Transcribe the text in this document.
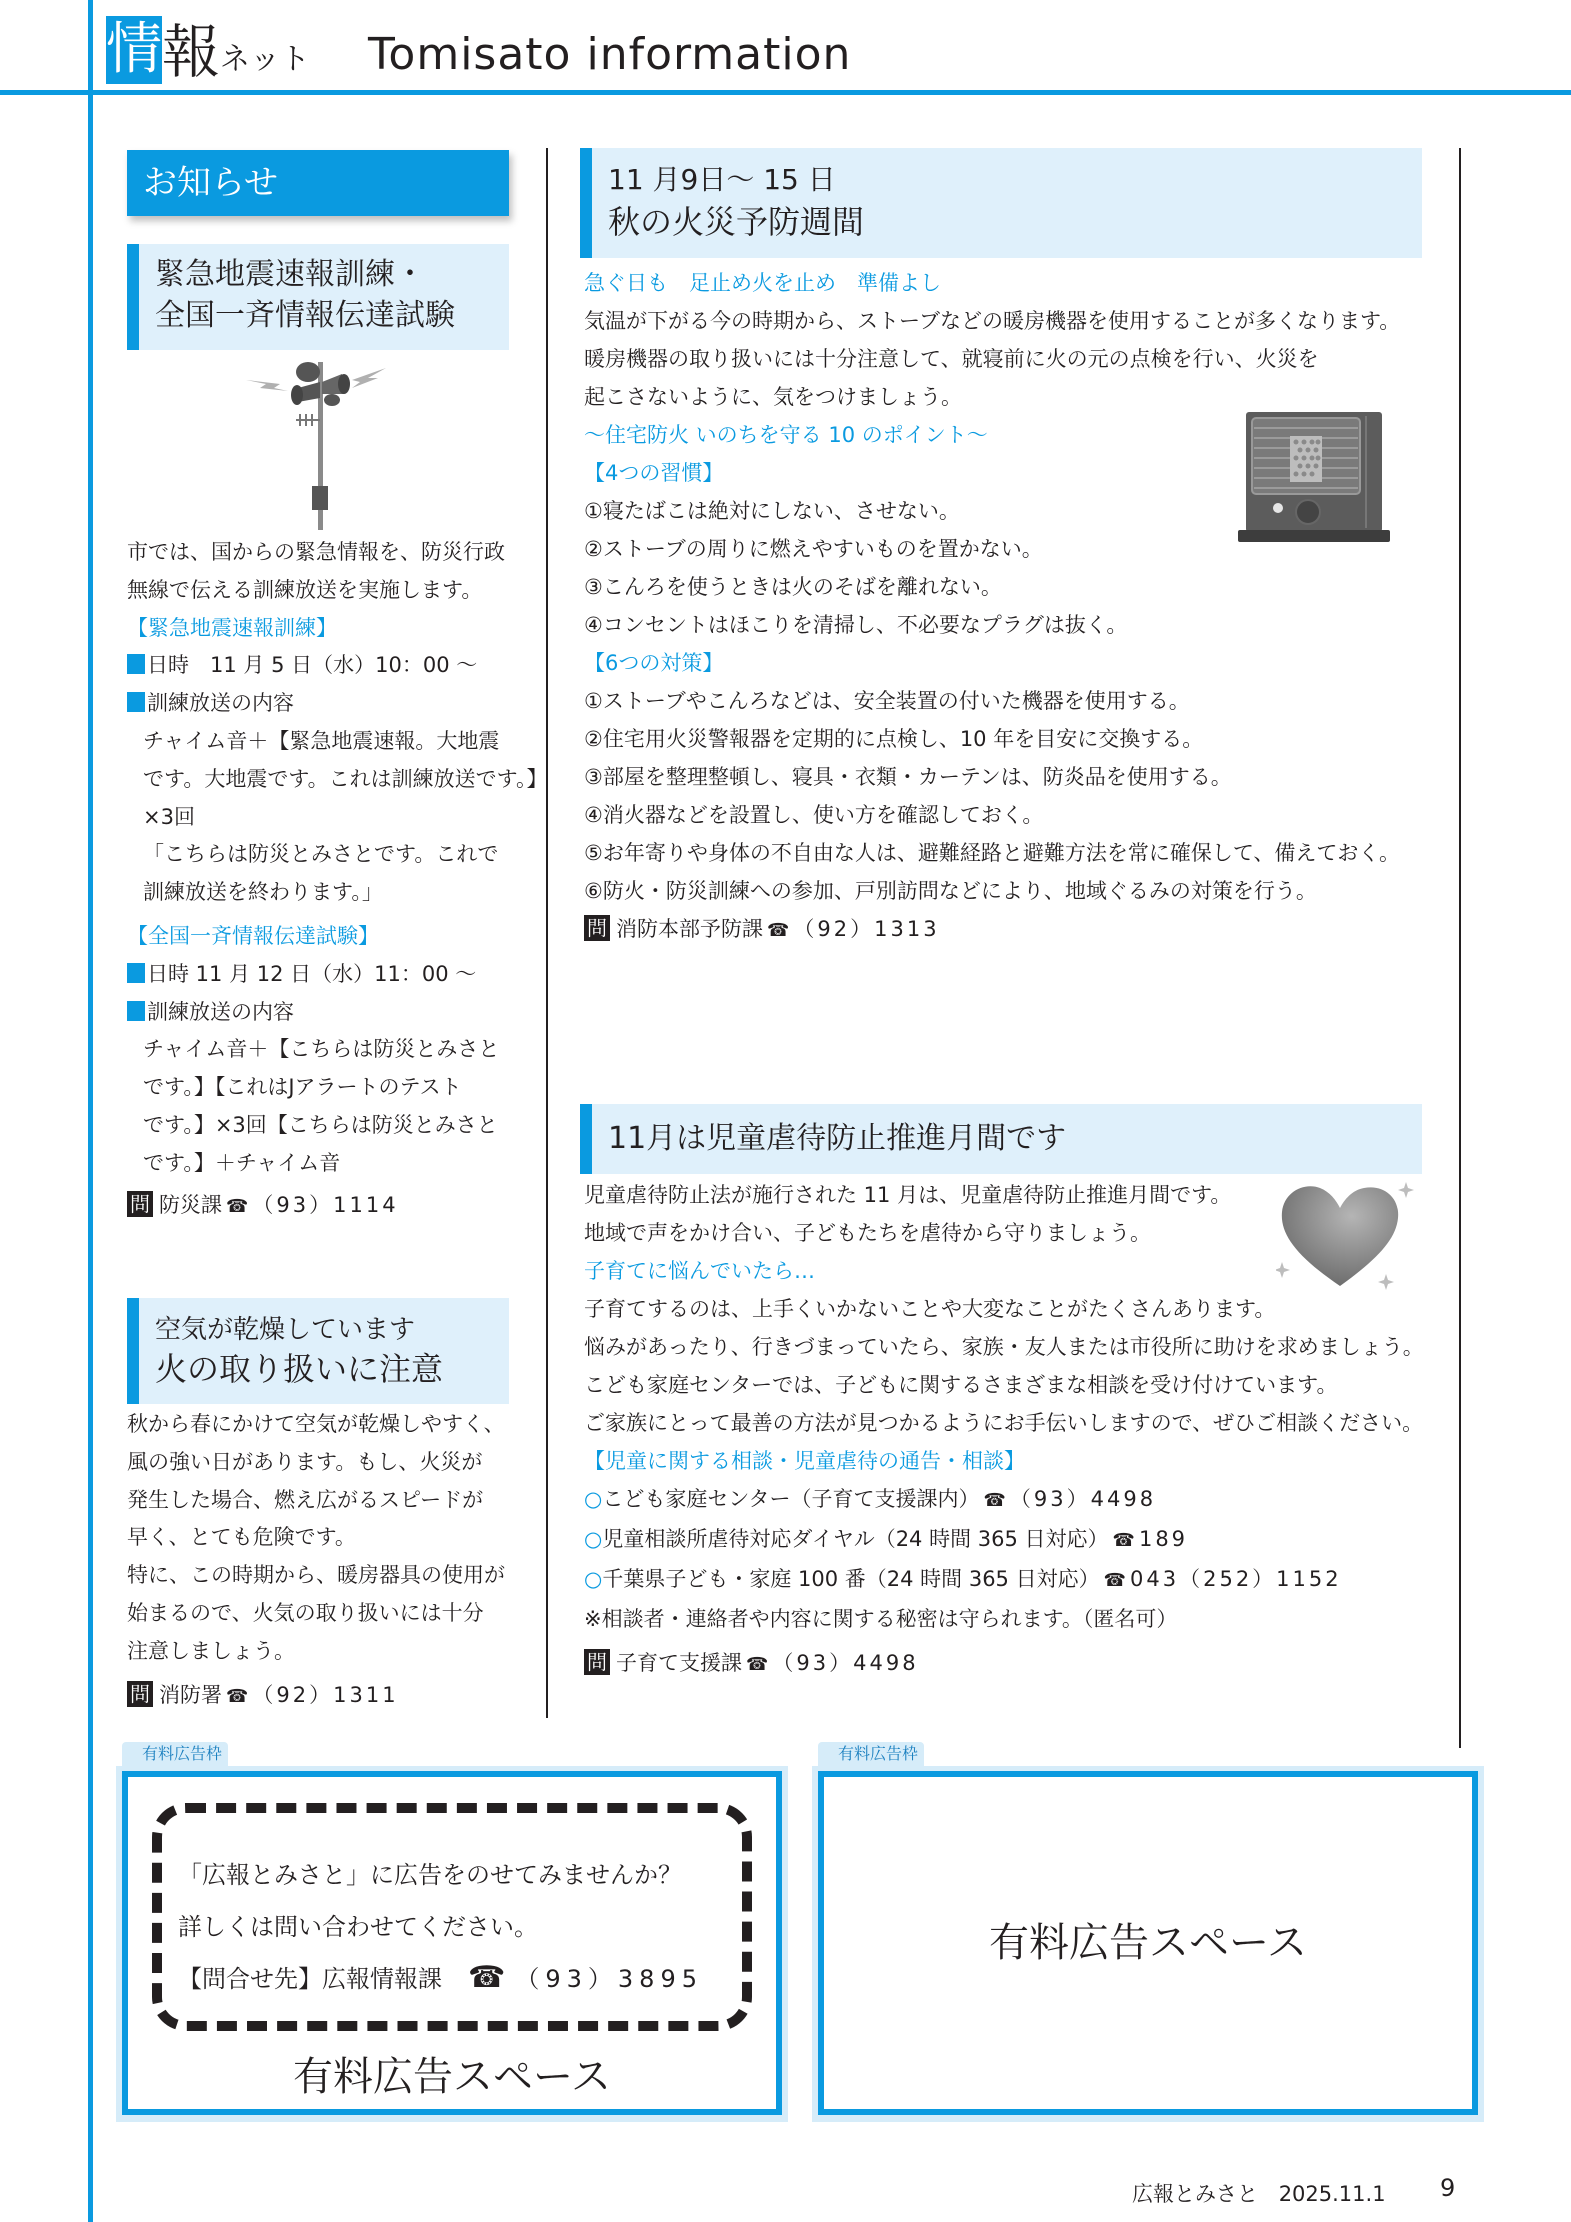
情 報 ネット Tomisato information
お知らせ
緊急地震速報訓練・
全国一斉情報伝達試験
市では、国からの緊急情報を、防災行政
無線で伝える訓練放送を実施します。
【緊急地震速報訓練】
日時　11 月 5 日（水）10：00 ～
訓練放送の内容
チャイム音＋【緊急地震速報。大地震
です。大地震です。これは訓練放送です。】
×3回
「こちらは防災とみさとです。これで
訓練放送を終わります。」
【全国一斉情報伝達試験】
日時 11 月 12 日（水）11：00 ～
訓練放送の内容
チャイム音＋【こちらは防災とみさと
です。】【これはJアラートのテスト
です。】×3回【こちらは防災とみさと
です。】＋チャイム音
問 防災課 ☎ （93）1114
空気が乾燥しています
火の取り扱いに注意
秋から春にかけて空気が乾燥しやすく、
風の強い日があります。もし、火災が
発生した場合、燃え広がるスピードが
早く、とても危険です。
特に、この時期から、暖房器具の使用が
始まるので、火気の取り扱いには十分
注意しましょう。
問 消防署 ☎ （92）1311
11 月9日～ 15 日
秋の火災予防週間
急ぐ日も　足止め火を止め　準備よし
気温が下がる今の時期から、ストーブなどの暖房機器を使用することが多くなります。
暖房機器の取り扱いには十分注意して、就寝前に火の元の点検を行い、火災を
起こさないように、気をつけましょう。
～住宅防火 いのちを守る 10 のポイント～
【4つの習慣】
①寝たばこは絶対にしない、させない。
②ストーブの周りに燃えやすいものを置かない。
③こんろを使うときは火のそばを離れない。
④コンセントはほこりを清掃し、不必要なプラグは抜く。
【6つの対策】
①ストーブやこんろなどは、安全装置の付いた機器を使用する。
②住宅用火災警報器を定期的に点検し、10 年を目安に交換する。
③部屋を整理整頓し、寝具・衣類・カーテンは、防炎品を使用する。
④消火器などを設置し、使い方を確認しておく。
⑤お年寄りや身体の不自由な人は、避難経路と避難方法を常に確保して、備えておく。
⑥防火・防災訓練への参加、戸別訪問などにより、地域ぐるみの対策を行う。
問 消防本部予防課 ☎ （92）1313
11月は児童虐待防止推進月間です
児童虐待防止法が施行された 11 月は、児童虐待防止推進月間です。
地域で声をかけ合い、子どもたちを虐待から守りましょう。
子育てに悩んでいたら…
子育てするのは、上手くいかないことや大変なことがたくさんあります。
悩みがあったり、行きづまっていたら、家族・友人または市役所に助けを求めましょう。
こども家庭センターでは、子どもに関するさまざまな相談を受け付けています。
ご家族にとって最善の方法が見つかるようにお手伝いしますので、ぜひご相談ください。
【児童に関する相談・児童虐待の通告・相談】
○こども家庭センター（子育て支援課内） ☎ （93）4498
○児童相談所虐待対応ダイヤル（24 時間 365 日対応） ☎ 189
○千葉県子ども・家庭 100 番（24 時間 365 日対応） ☎ 043（252）1152
※相談者・連絡者や内容に関する秘密は守られます。（匿名可）
問 子育て支援課 ☎ （93）4498
有料広告枠
「広報とみさと」に広告をのせてみませんか？
詳しくは問い合わせてください。
【問合せ先】広報情報課 ☎ （93）3895
有料広告スペース
有料広告枠
有料広告スペース
広報とみさと 2025.11.1 9
